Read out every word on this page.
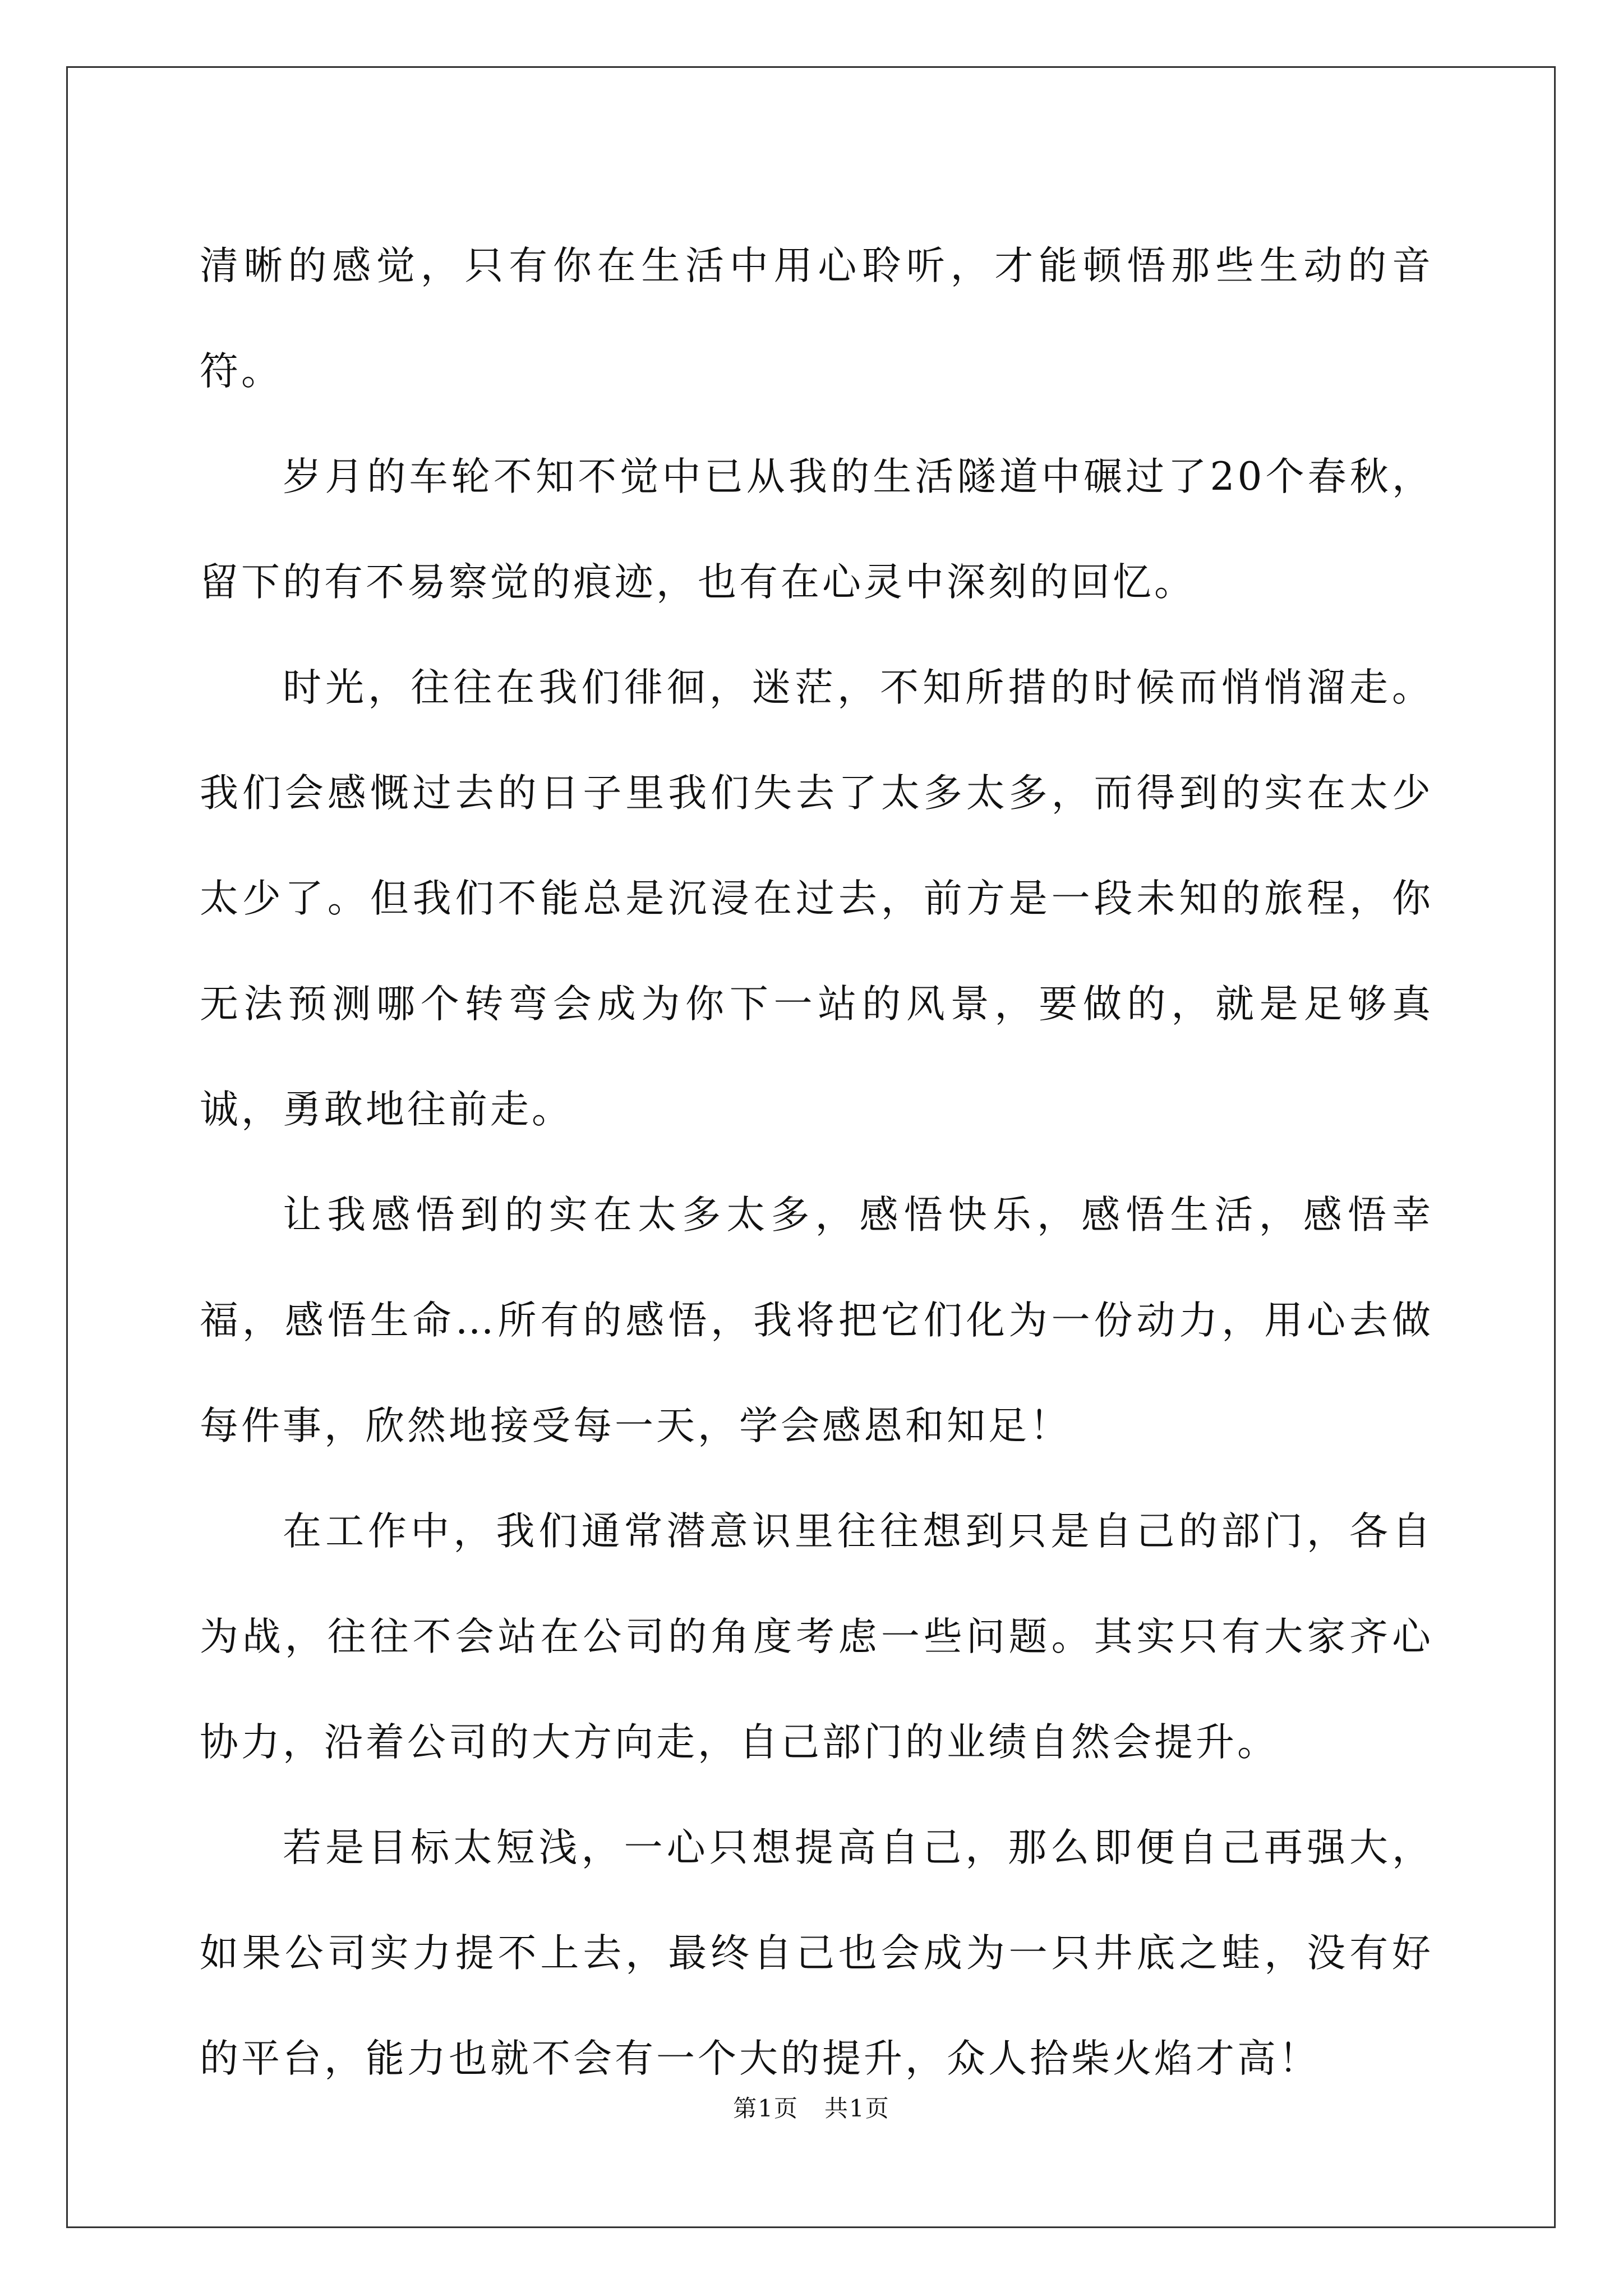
清晰的感觉，只有你在生活中用心聆听，才能顿悟那些生动的音符。

岁月的车轮不知不觉中已从我的生活隧道中碾过了20个春秋，留下的有不易察觉的痕迹，也有在心灵中深刻的回忆。

时光，往往在我们徘徊，迷茫，不知所措的时候而悄悄溜走。我们会感慨过去的日子里我们失去了太多太多，而得到的实在太少太少了。但我们不能总是沉浸在过去，前方是一段未知的旅程，你无法预测哪个转弯会成为你下一站的风景，要做的，就是足够真诚，勇敢地往前走。

让我感悟到的实在太多太多，感悟快乐，感悟生活，感悟幸福，感悟生命…所有的感悟，我将把它们化为一份动力，用心去做每件事，欣然地接受每一天，学会感恩和知足！

在工作中，我们通常潜意识里往往想到只是自己的部门，各自为战，往往不会站在公司的角度考虑一些问题。其实只有大家齐心协力，沿着公司的大方向走，自己部门的业绩自然会提升。

若是目标太短浅，一心只想提高自己，那么即便自己再强大，如果公司实力提不上去，最终自己也会成为一只井底之蛙，没有好的平台，能力也就不会有一个大的提升，众人拾柴火焰才高！

第1页   共1页
